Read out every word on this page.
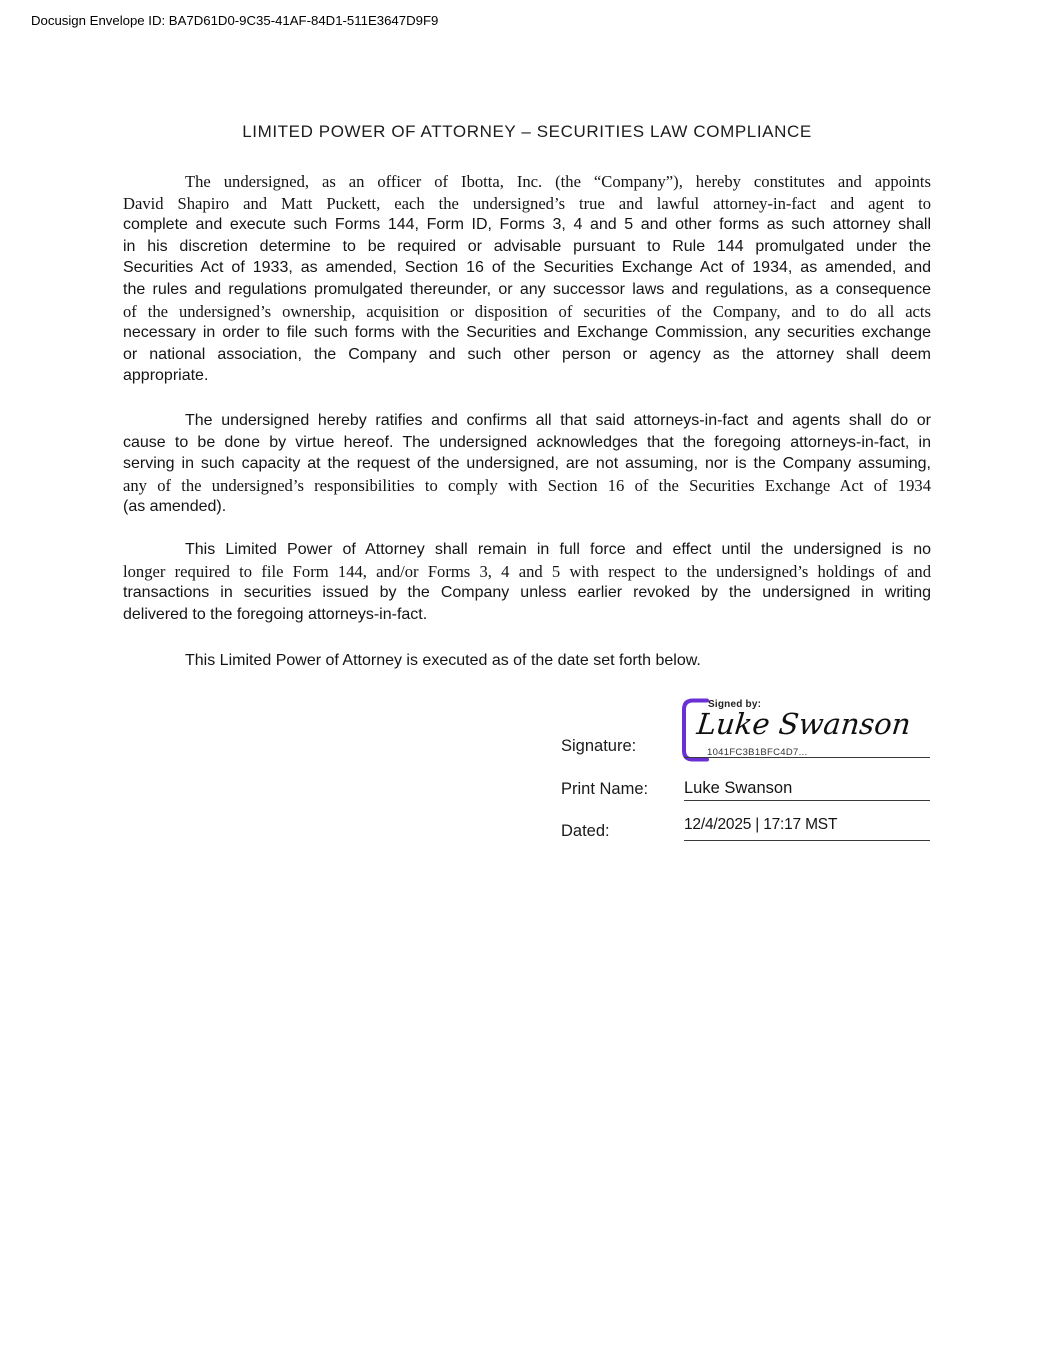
Docusign Envelope ID: BA7D61D0-9C35-41AF-84D1-511E3647D9F9
LIMITED POWER OF ATTORNEY – SECURITIES LAW COMPLIANCE
The undersigned, as an officer of Ibotta, Inc. (the “Company”), hereby constitutes and appoints
David Shapiro and Matt Puckett, each the undersigned’s true and lawful attorney-in-fact and agent to
complete and execute such Forms 144, Form ID, Forms 3, 4 and 5 and other forms as such attorney shall
in his discretion determine to be required or advisable pursuant to Rule 144 promulgated under the
Securities Act of 1933, as amended, Section 16 of the Securities Exchange Act of 1934, as amended, and
the rules and regulations promulgated thereunder, or any successor laws and regulations, as a consequence
of the undersigned’s ownership, acquisition or disposition of securities of the Company, and to do all acts
necessary in order to file such forms with the Securities and Exchange Commission, any securities exchange
or national association, the Company and such other person or agency as the attorney shall deem
appropriate.
The undersigned hereby ratifies and confirms all that said attorneys-in-fact and agents shall do or
cause to be done by virtue hereof. The undersigned acknowledges that the foregoing attorneys-in-fact, in
serving in such capacity at the request of the undersigned, are not assuming, nor is the Company assuming,
any of the undersigned’s responsibilities to comply with Section 16 of the Securities Exchange Act of 1934
(as amended).
This Limited Power of Attorney shall remain in full force and effect until the undersigned is no
longer required to file Form 144, and/or Forms 3, 4 and 5 with respect to the undersigned’s holdings of and
transactions in securities issued by the Company unless earlier revoked by the undersigned in writing
delivered to the foregoing attorneys-in-fact.
This Limited Power of Attorney is executed as of the date set forth below.
Signature:
Signed by:
Luke Swanson
1041FC3B1BFC4D7...
Print Name: Luke Swanson
Dated:	12/4/2025 | 17:17 MST
